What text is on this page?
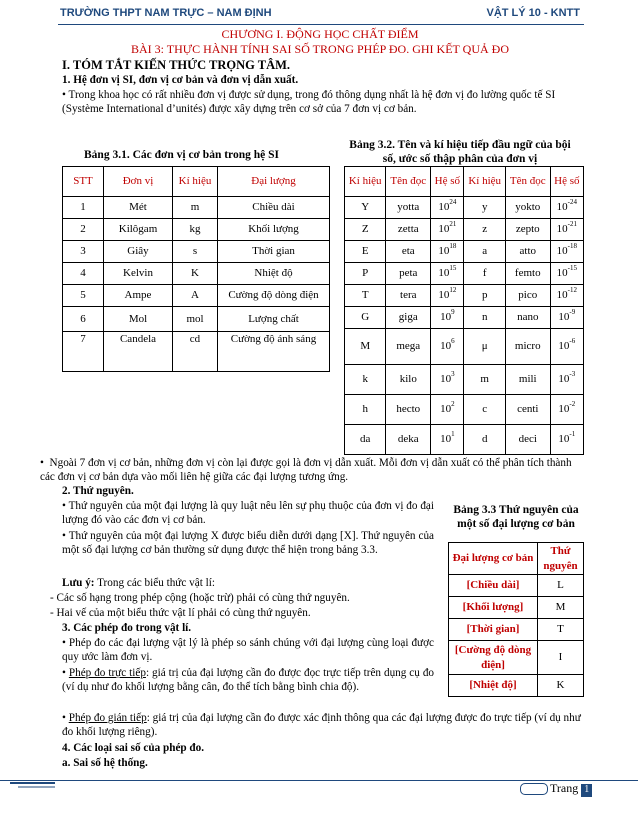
TRƯỜNG THPT NAM TRỰC – NAM ĐỊNH	VẬT LÝ 10 - KNTT
CHƯƠNG I. ĐỘNG HỌC CHẤT ĐIỂM
BÀI 3: THỰC HÀNH TÍNH SAI SỐ TRONG PHÉP ĐO. GHI KẾT QUẢ ĐO
I. TÓM TẮT KIẾN THỨC TRỌNG TÂM.
1. Hệ đơn vị SI, đơn vị cơ bản và đơn vị dẫn xuất.
• Trong khoa học có rất nhiều đơn vị được sử dụng, trong đó thông dụng nhất là hệ đơn vị đo lường quốc tế SI (Système International d’unités) được xây dựng trên cơ sở của 7 đơn vị cơ bản.
Bảng 3.1. Các đơn vị cơ bản trong hệ SI
Bảng 3.2. Tên và kí hiệu tiếp đầu ngữ của bội số, ước số thập phân của đơn vị
STT	Đơn vị	Kí hiệu	Đại lượng
1	Mét	m	Chiều dài
2	Kilôgam	kg	Khối lượng
3	Giây	s	Thời gian
4	Kelvin	K	Nhiệt độ
5	Ampe	A	Cường độ dòng điện
6	Mol	mol	Lượng chất
7	Candela	cd	Cường độ ánh sáng
Kí hiệu	Tên đọc	Hệ số	Kí hiệu	Tên đọc	Hệ số
Y	yotta	$10^{24}$	y	yokto	$10^{-24}$
Z	zetta	$10^{21}$	z	zepto	$10^{-21}$
E	eta	$10^{18}$	a	atto	$10^{-18}$
P	peta	$10^{15}$	f	femto	$10^{-15}$
T	tera	$10^{12}$	p	pico	$10^{-12}$
G	giga	$10^9$	n	nano	$10^{-9}$
M	mega	$10^6$	μ	micro	$10^{-6}$
k	kilo	$10^3$	m	mili	$10^{-3}$
h	hecto	$10^2$	c	centi	$10^{-2}$
da	deka	$10^1$	d	deci	$10^{-1}$
•  Ngoài 7 đơn vị cơ bản, những đơn vị còn lại được gọi là đơn vị dẫn xuất. Mỗi đơn vị dẫn xuất có thể phân tích thành các đơn vị cơ bản dựa vào mối liên hệ giữa các đại lượng tương ứng.
2. Thứ nguyên.
• Thứ nguyên của một đại lượng là quy luật nêu lên sự phụ thuộc của đơn vị đo đại lượng đó vào các đơn vị cơ bản.
• Thứ nguyên của một đại lượng X được biểu diễn dưới dạng [X]. Thứ nguyên của một số đại lượng cơ bản thường sử dụng được thể hiện trong bảng 3.3.
Lưu ý: Trong các biểu thức vật lí:
- Các số hạng trong phép cộng (hoặc trừ) phải có cùng thứ nguyên.
- Hai vế của một biểu thức vật lí phải có cùng thứ nguyên.
3. Các phép đo trong vật lí.
• Phép đo các đại lượng vật lý là phép so sánh chúng với đại lượng cùng loại được quy ước làm đơn vị.
• Phép đo trực tiếp: giá trị của đại lượng cần đo được đọc trực tiếp trên dụng cụ đo (ví dụ như đo khối lượng bằng cân, đo thể tích bằng bình chia độ).
• Phép đo gián tiếp: giá trị của đại lượng cần đo được xác định thông qua các đại lượng được đo trực tiếp (ví dụ như đo khối lượng riêng).
4. Các loại sai số của phép đo.
a. Sai số hệ thống.
Bảng 3.3 Thứ nguyên của một số đại lượng cơ bản
Đại lượng cơ bản	Thứ nguyên
[Chiều dài]	L
[Khối lượng]	M
[Thời gian]	T
[Cường độ dòng điện]	I
[Nhiệt độ]	K
Trang 1
